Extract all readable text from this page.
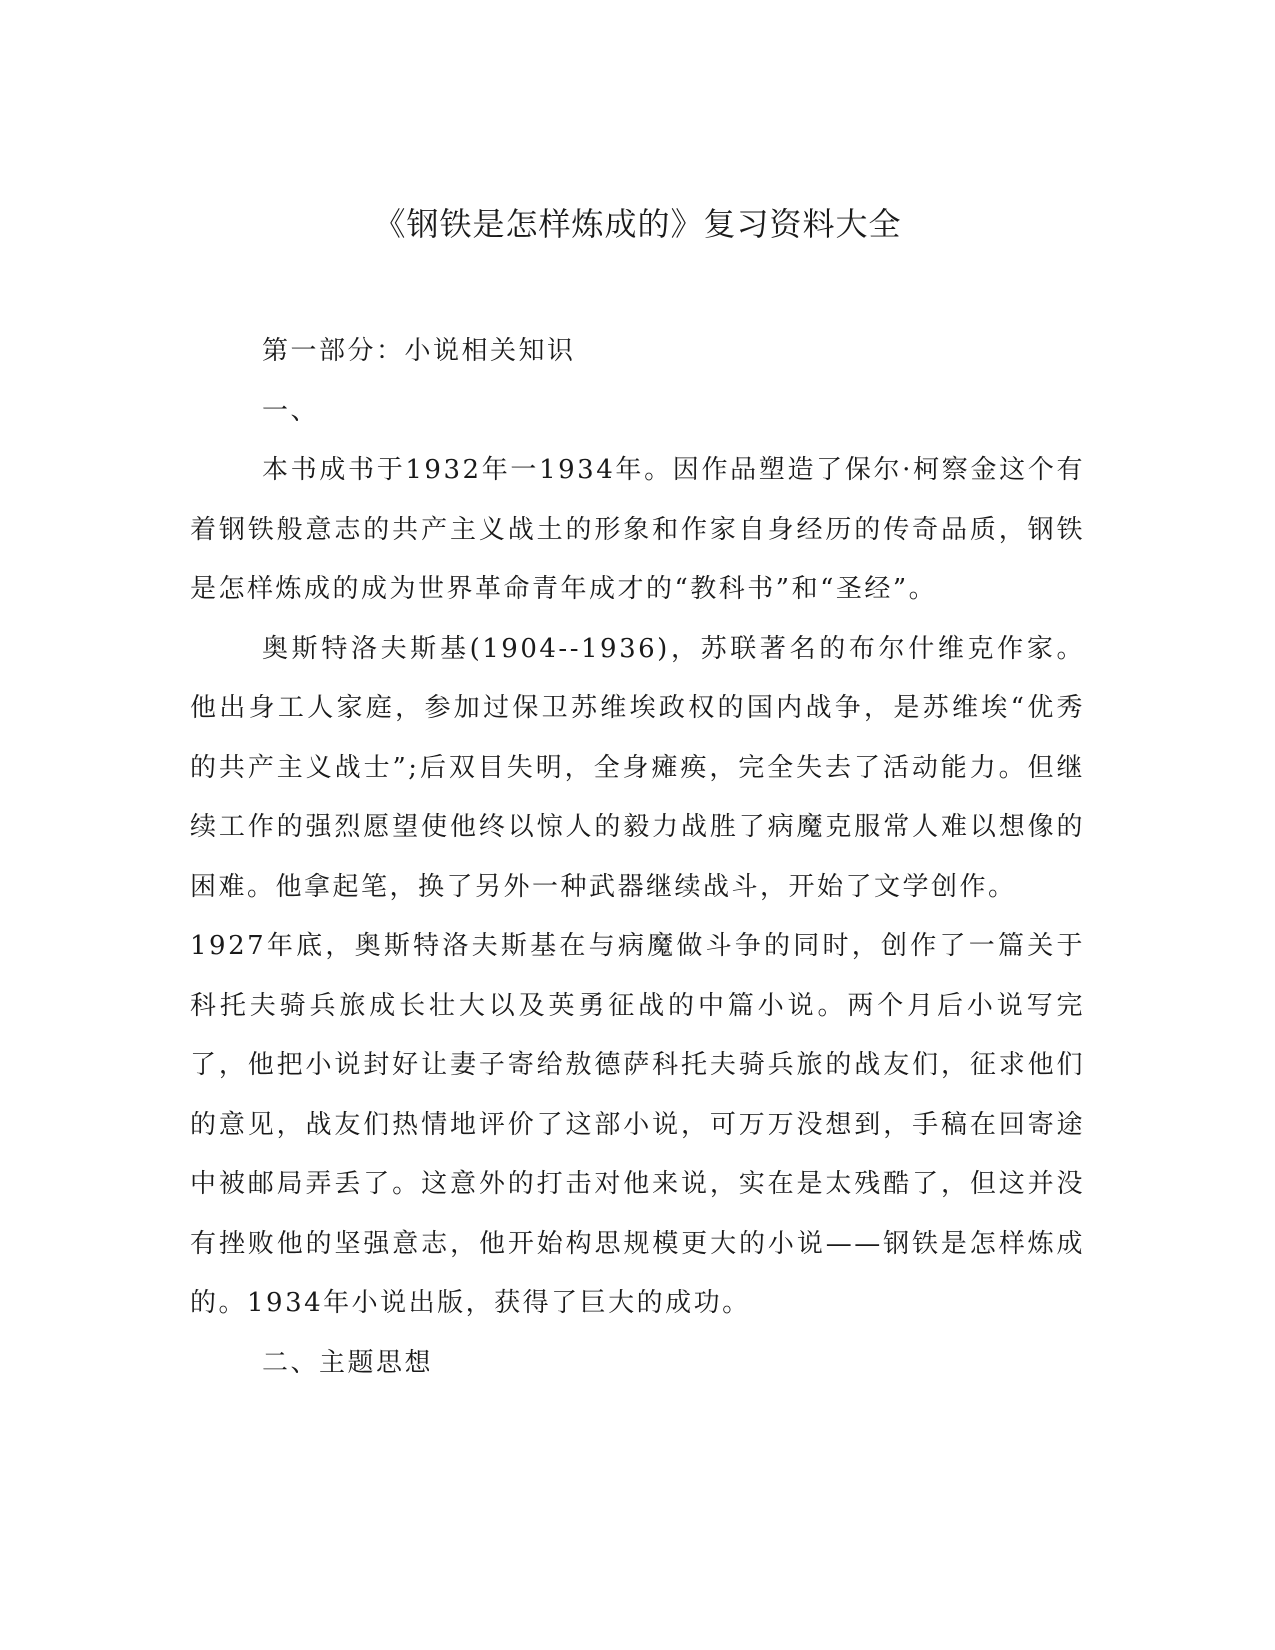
《钢铁是怎样炼成的》复习资料大全

第一部分：小说相关知识

一、

本书成书于1932年一1934年。因作品塑造了保尔·柯察金这个有着钢铁般意志的共产主义战土的形象和作家自身经历的传奇品质，钢铁是怎样炼成的成为世界革命青年成才的“教科书”和“圣经”。

奥斯特洛夫斯基(1904--1936)，苏联著名的布尔什维克作家。他出身工人家庭，参加过保卫苏维埃政权的国内战争，是苏维埃“优秀的共产主义战士”;后双目失明，全身瘫痪，完全失去了活动能力。但继续工作的强烈愿望使他终以惊人的毅力战胜了病魔克服常人难以想像的困难。他拿起笔，换了另外一种武器继续战斗，开始了文学创作。

1927年底，奥斯特洛夫斯基在与病魔做斗争的同时，创作了一篇关于科托夫骑兵旅成长壮大以及英勇征战的中篇小说。两个月后小说写完了，他把小说封好让妻子寄给敖德萨科托夫骑兵旅的战友们，征求他们的意见，战友们热情地评价了这部小说，可万万没想到，手稿在回寄途中被邮局弄丢了。这意外的打击对他来说，实在是太残酷了，但这并没有挫败他的坚强意志，他开始构思规模更大的小说——钢铁是怎样炼成的。1934年小说出版，获得了巨大的成功。

二、主题思想
